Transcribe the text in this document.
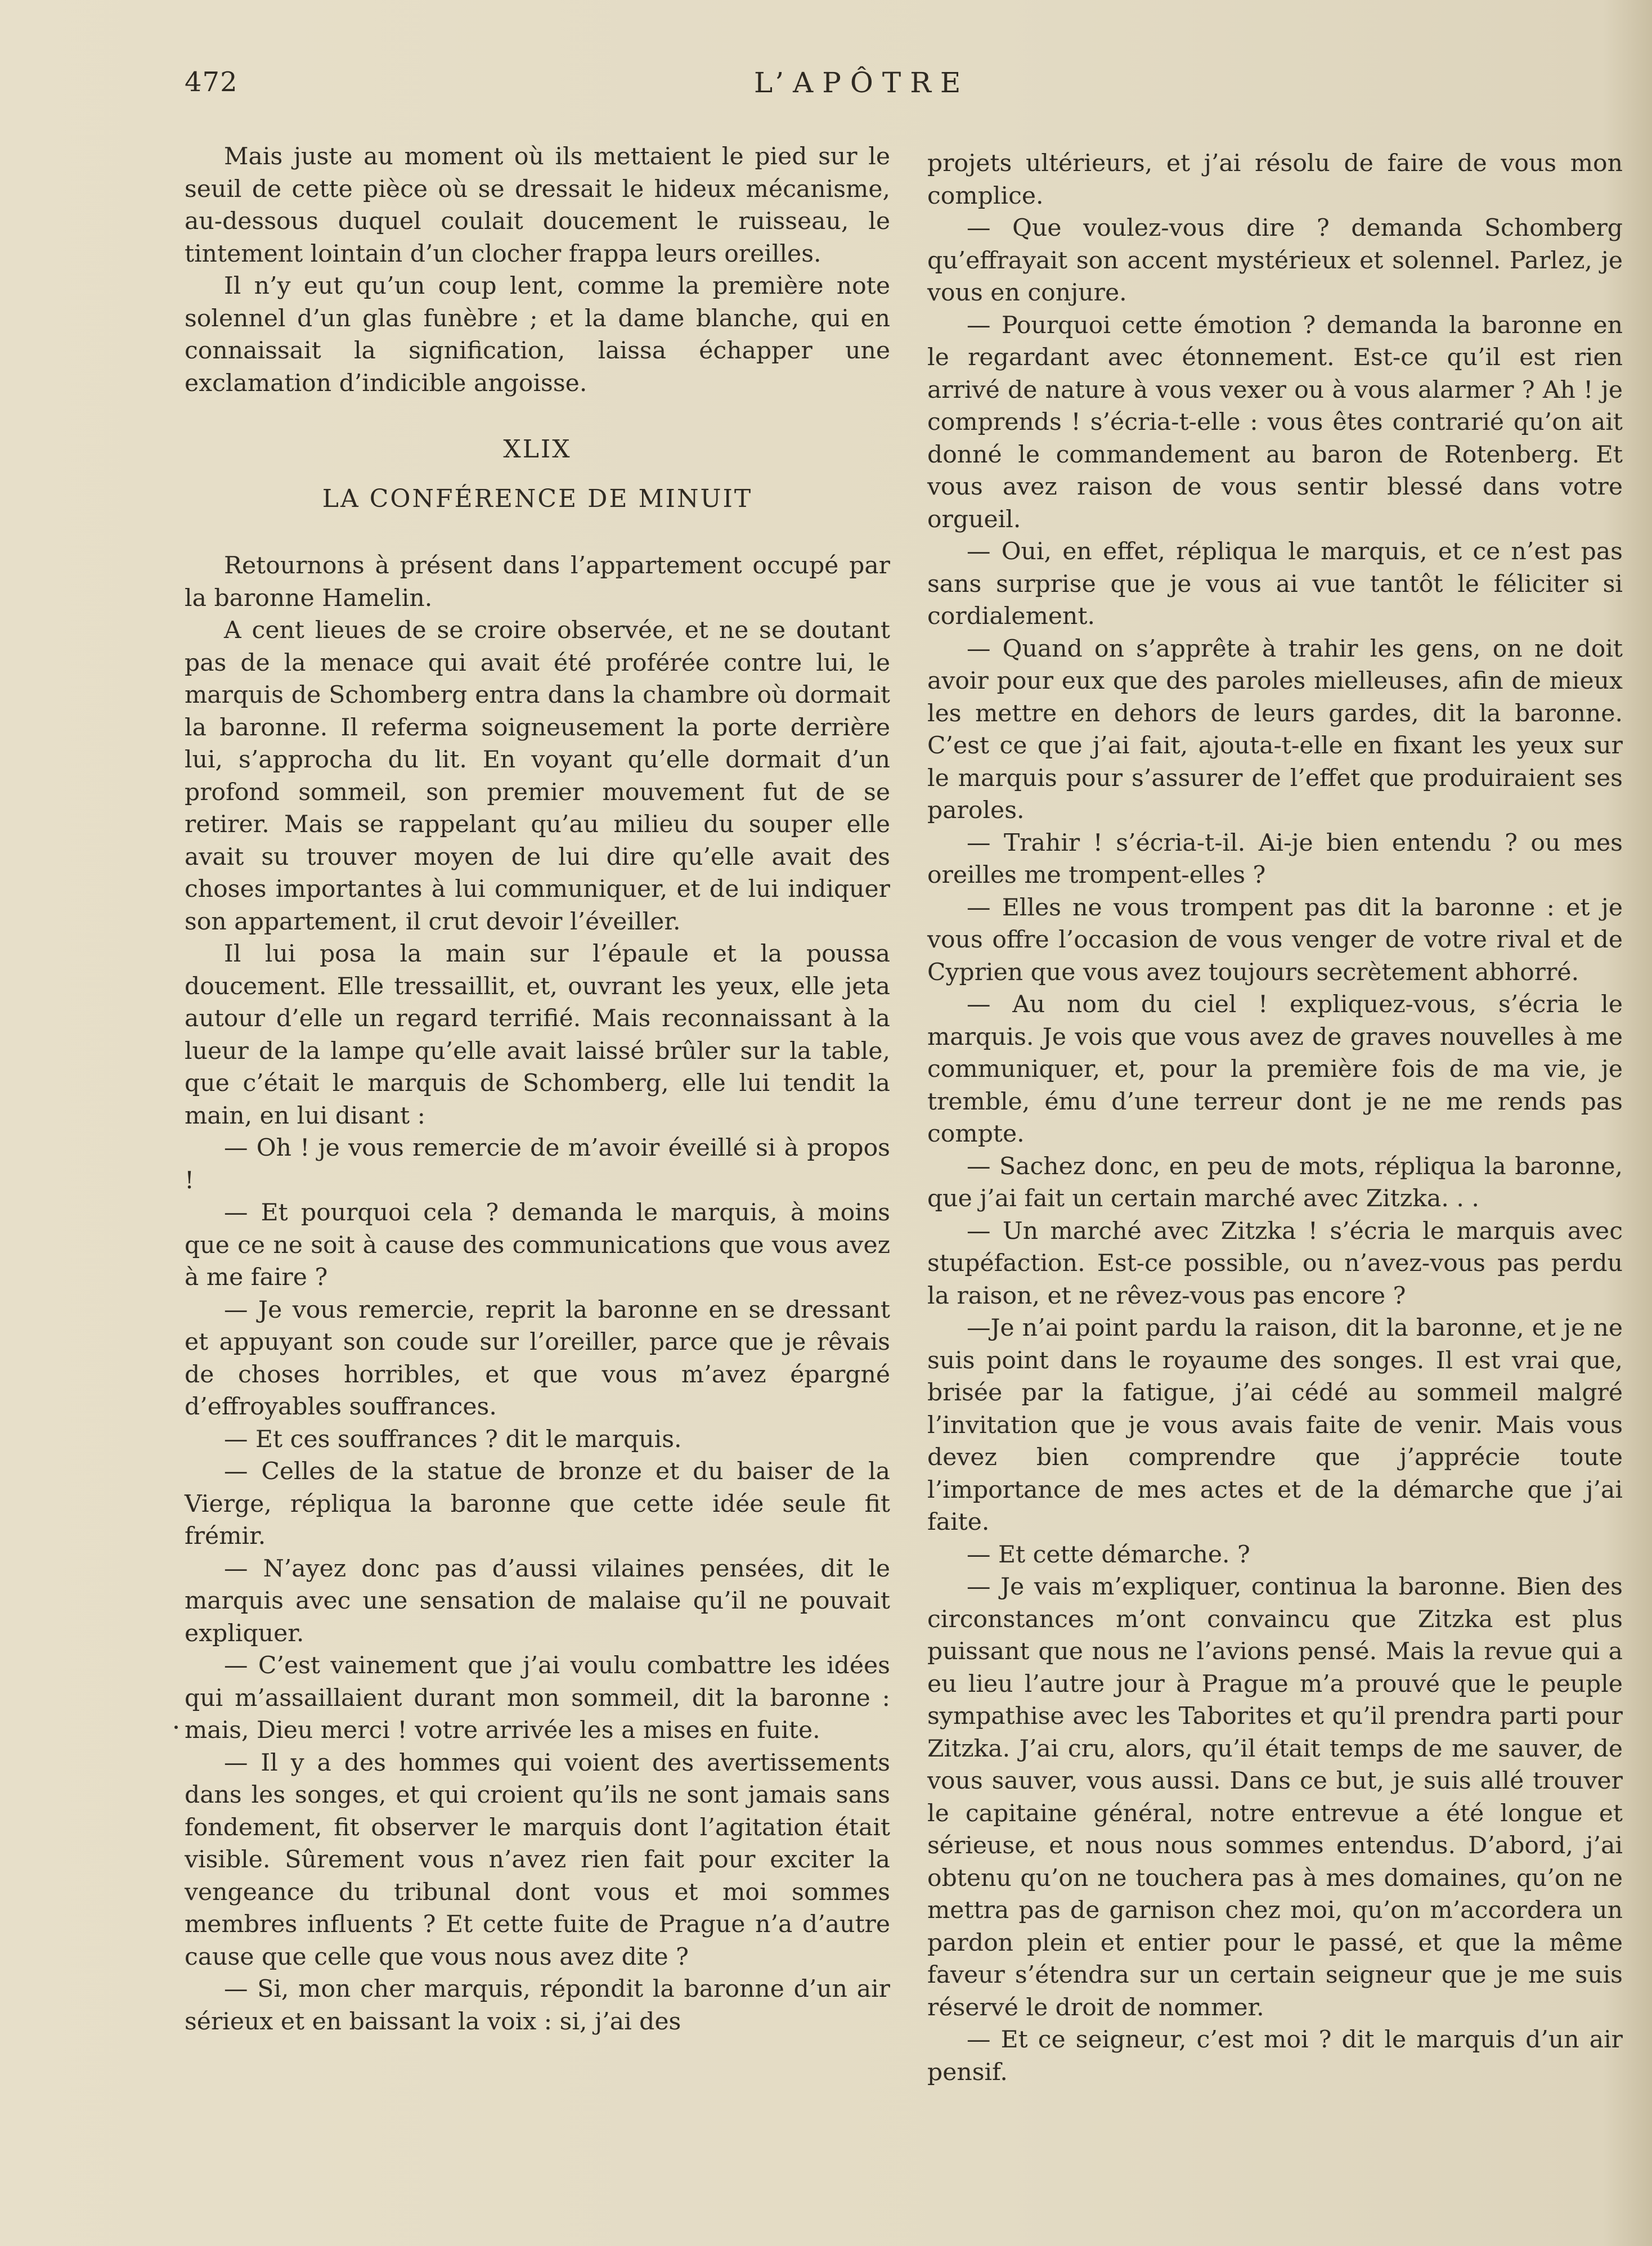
472	L’APÔTRE

Mais juste au moment où ils mettaient le pied sur le seuil de cette pièce où se dressait le hideux mécanisme, au-dessous duquel coulait doucement le ruisseau, le tintement lointain d’un clocher frappa leurs oreilles.

Il n’y eut qu’un coup lent, comme la première note solennel d’un glas funèbre ; et la dame blanche, qui en connaissait la signification, laissa échapper une exclamation d’indicible angoisse.

XLIX
LA CONFÉRENCE DE MINUIT

Retournons à présent dans l’appartement occupé par la baronne Hamelin.

A cent lieues de se croire observée, et ne se doutant pas de la menace qui avait été proférée contre lui, le marquis de Schomberg entra dans la chambre où dormait la baronne. Il referma soigneusement la porte derrière lui, s’approcha du lit. En voyant qu’elle dormait d’un profond sommeil, son premier mouvement fut de se retirer. Mais se rappelant qu’au milieu du souper elle avait su trouver moyen de lui dire qu’elle avait des choses importantes à lui communiquer, et de lui indiquer son appartement, il crut devoir l’éveiller.

Il lui posa la main sur l’épaule et la poussa doucement. Elle tressaillit, et, ouvrant les yeux, elle jeta autour d’elle un regard terrifié. Mais reconnaissant à la lueur de la lampe qu’elle avait laissé brûler sur la table, que c’était le marquis de Schomberg, elle lui tendit la main, en lui disant :

— Oh ! je vous remercie de m’avoir éveillé si à propos !

— Et pourquoi cela ? demanda le marquis, à moins que ce ne soit à cause des communications que vous avez à me faire ?

— Je vous remercie, reprit la baronne en se dressant et appuyant son coude sur l’oreiller, parce que je rêvais de choses horribles, et que vous m’avez épargné d’effroyables souffrances.

— Et ces souffrances ? dit le marquis.

— Celles de la statue de bronze et du baiser de la Vierge, répliqua la baronne que cette idée seule fit frémir.

— N’ayez donc pas d’aussi vilaines pensées, dit le marquis avec une sensation de malaise qu’il ne pouvait expliquer.

— C’est vainement que j’ai voulu combattre les idées qui m’assaillaient durant mon sommeil, dit la baronne : mais, Dieu merci ! votre arrivée les a mises en fuite.

— Il y a des hommes qui voient des avertissements dans les songes, et qui croient qu’ils ne sont jamais sans fondement, fit observer le marquis dont l’agitation était visible. Sûrement vous n’avez rien fait pour exciter la vengeance du tribunal dont vous et moi sommes membres influents ? Et cette fuite de Prague n’a d’autre cause que celle que vous nous avez dite ?

— Si, mon cher marquis, répondit la baronne d’un air sérieux et en baissant la voix : si, j’ai des

projets ultérieurs, et j’ai résolu de faire de vous mon complice.

— Que voulez-vous dire ? demanda Schomberg qu’effrayait son accent mystérieux et solennel. Parlez, je vous en conjure.

— Pourquoi cette émotion ? demanda la baronne en le regardant avec étonnement. Est-ce qu’il est rien arrivé de nature à vous vexer ou à vous alarmer ? Ah ! je comprends ! s’écria-t-elle : vous êtes contrarié qu’on ait donné le commandement au baron de Rotenberg. Et vous avez raison de vous sentir blessé dans votre orgueil.

— Oui, en effet, répliqua le marquis, et ce n’est pas sans surprise que je vous ai vue tantôt le féliciter si cordialement.

— Quand on s’apprête à trahir les gens, on ne doit avoir pour eux que des paroles mielleuses, afin de mieux les mettre en dehors de leurs gardes, dit la baronne. C’est ce que j’ai fait, ajouta-t-elle en fixant les yeux sur le marquis pour s’assurer de l’effet que produiraient ses paroles.

— Trahir ! s’écria-t-il. Ai-je bien entendu ? ou mes oreilles me trompent-elles ?

— Elles ne vous trompent pas dit la baronne : et je vous offre l’occasion de vous venger de votre rival et de Cyprien que vous avez toujours secrètement abhorré.

— Au nom du ciel ! expliquez-vous, s’écria le marquis. Je vois que vous avez de graves nouvelles à me communiquer, et, pour la première fois de ma vie, je tremble, ému d’une terreur dont je ne me rends pas compte.

— Sachez donc, en peu de mots, répliqua la baronne, que j’ai fait un certain marché avec Zitzka. . .

— Un marché avec Zitzka ! s’écria le marquis avec stupéfaction. Est-ce possible, ou n’avez-vous pas perdu la raison, et ne rêvez-vous pas encore ?

—Je n’ai point pardu la raison, dit la baronne, et je ne suis point dans le royaume des songes. Il est vrai que, brisée par la fatigue, j’ai cédé au sommeil malgré l’invitation que je vous avais faite de venir. Mais vous devez bien comprendre que j’apprécie toute l’importance de mes actes et de la démarche que j’ai faite.

— Et cette démarche. ?

— Je vais m’expliquer, continua la baronne. Bien des circonstances m’ont convaincu que Zitzka est plus puissant que nous ne l’avions pensé. Mais la revue qui a eu lieu l’autre jour à Prague m’a prouvé que le peuple sympathise avec les Taborites et qu’il prendra parti pour Zitzka. J’ai cru, alors, qu’il était temps de me sauver, de vous sauver, vous aussi. Dans ce but, je suis allé trouver le capitaine général, notre entrevue a été longue et sérieuse, et nous nous sommes entendus. D’abord, j’ai obtenu qu’on ne touchera pas à mes domaines, qu’on ne mettra pas de garnison chez moi, qu’on m’accordera un pardon plein et entier pour le passé, et que la même faveur s’étendra sur un certain seigneur que je me suis réservé le droit de nommer.

— Et ce seigneur, c’est moi ? dit le marquis d’un air pensif.
